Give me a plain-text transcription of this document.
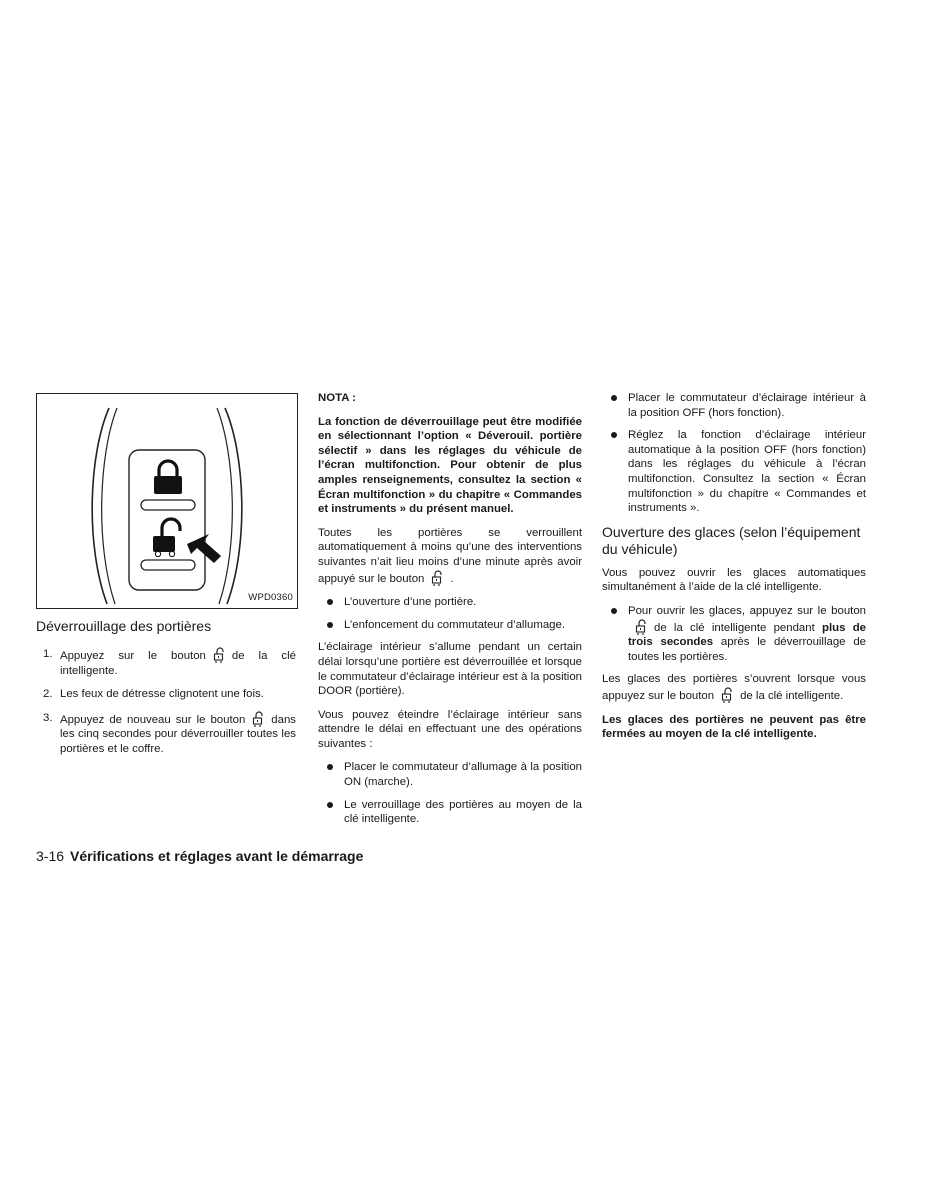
WPD0360
Déverrouillage des portières
1. Appuyez sur le bouton de la clé intelligente.
2. Les feux de détresse clignotent une fois.
3. Appuyez de nouveau sur le bouton dans les cinq secondes pour déverrouiller toutes les portières et le coffre.
NOTA :
La fonction de déverrouillage peut être modifiée en sélectionnant l’option « Déverouil. portière sélectif » dans les réglages du véhicule de l’écran multifonction. Pour obtenir de plus amples renseignements, consultez la section « Écran multifonction » du chapitre « Commandes et instruments » du présent manuel.

Toutes les portières se verrouillent automatiquement à moins qu’une des interventions suivantes n’ait lieu moins d’une minute après avoir appuyé sur le bouton .

L’ouverture d’une portière.
L’enfoncement du commutateur d’allumage.

L’éclairage intérieur s’allume pendant un certain délai lorsqu’une portière est déverrouillée et lorsque le commutateur d’éclairage intérieur est à la position DOOR (portière).

Vous pouvez éteindre l’éclairage intérieur sans attendre le délai en effectuant une des opérations suivantes :

Placer le commutateur d’allumage à la position ON (marche).
Le verrouillage des portières au moyen de la clé intelligente.
Placer le commutateur d’éclairage intérieur à la position OFF (hors fonction).
Réglez la fonction d’éclairage intérieur automatique à la position OFF (hors fonction) dans les réglages du véhicule à l’écran multifonction. Consultez la section « Écran multifonction » du chapitre « Commandes et instruments ».
Ouverture des glaces (selon l’équipement du véhicule)

Vous pouvez ouvrir les glaces automatiques simultanément à l’aide de la clé intelligente.

Pour ouvrir les glaces, appuyez sur le boutonde la clé intelligente pendant plus de trois secondes après le déverrouillage de toutes les portières.

Les glaces des portières s’ouvrent lorsque vous appuyez sur le bouton de la clé intelligente.

Les glaces des portières ne peuvent pas être fermées au moyen de la clé intelligente.

3-16 Vérifications et réglages avant le démarrage
